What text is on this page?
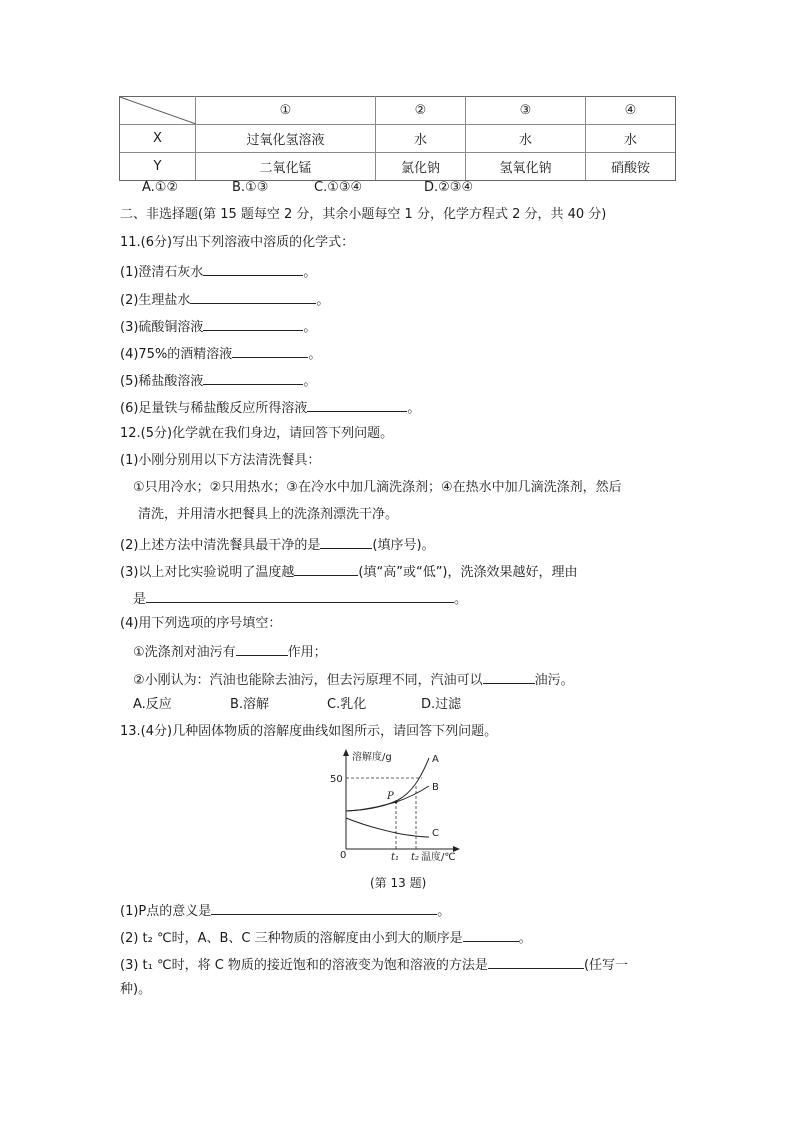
	①	②	③	④
X	过氧化氢溶液	水	水	水
Y	二氧化锰	氯化钠	氢氧化钠	硝酸铵
A.①②	B.①③	C.①③④	D.②③④
二、非选择题(第 15 题每空 2 分，其余小题每空 1 分，化学方程式 2 分，共 40 分)
11.(6分)写出下列溶液中溶质的化学式：
(1)澄清石灰水	。
(2)生理盐水	。
(3)硫酸铜溶液	。
(4)75%的酒精溶液	。
(5)稀盐酸溶液	。
(6)足量铁与稀盐酸反应所得溶液	。
12.(5分)化学就在我们身边，请回答下列问题。
(1)小刚分别用以下方法清洗餐具：
①只用冷水；②只用热水；③在冷水中加几滴洗涤剂；④在热水中加几滴洗涤剂，然后
清洗，并用清水把餐具上的洗涤剂漂洗干净。
(2)上述方法中清洗餐具最干净的是	(填序号)。
(3)以上对比实验说明了温度越	(填“高”或“低”)，洗涤效果越好，理由
是	。
(4)用下列选项的序号填空：
①洗涤剂对油污有	作用；
②小刚认为：汽油也能除去油污，但去污原理不同，汽油可以	油污。
A.反应	B.溶解	C.乳化	D.过滤
13.(4分)几种固体物质的溶解度曲线如图所示，请回答下列问题。
溶解度/g
50
0	t₁ t₂ 温度/℃
P
A
B
C
(第 13 题)
(1)P点的意义是	。
(2) t₂ ℃时，A、B、C 三种物质的溶解度由小到大的顺序是	。
(3) t₁ ℃时，将 C 物质的接近饱和的溶液变为饱和溶液的方法是	(任写一
种)。
